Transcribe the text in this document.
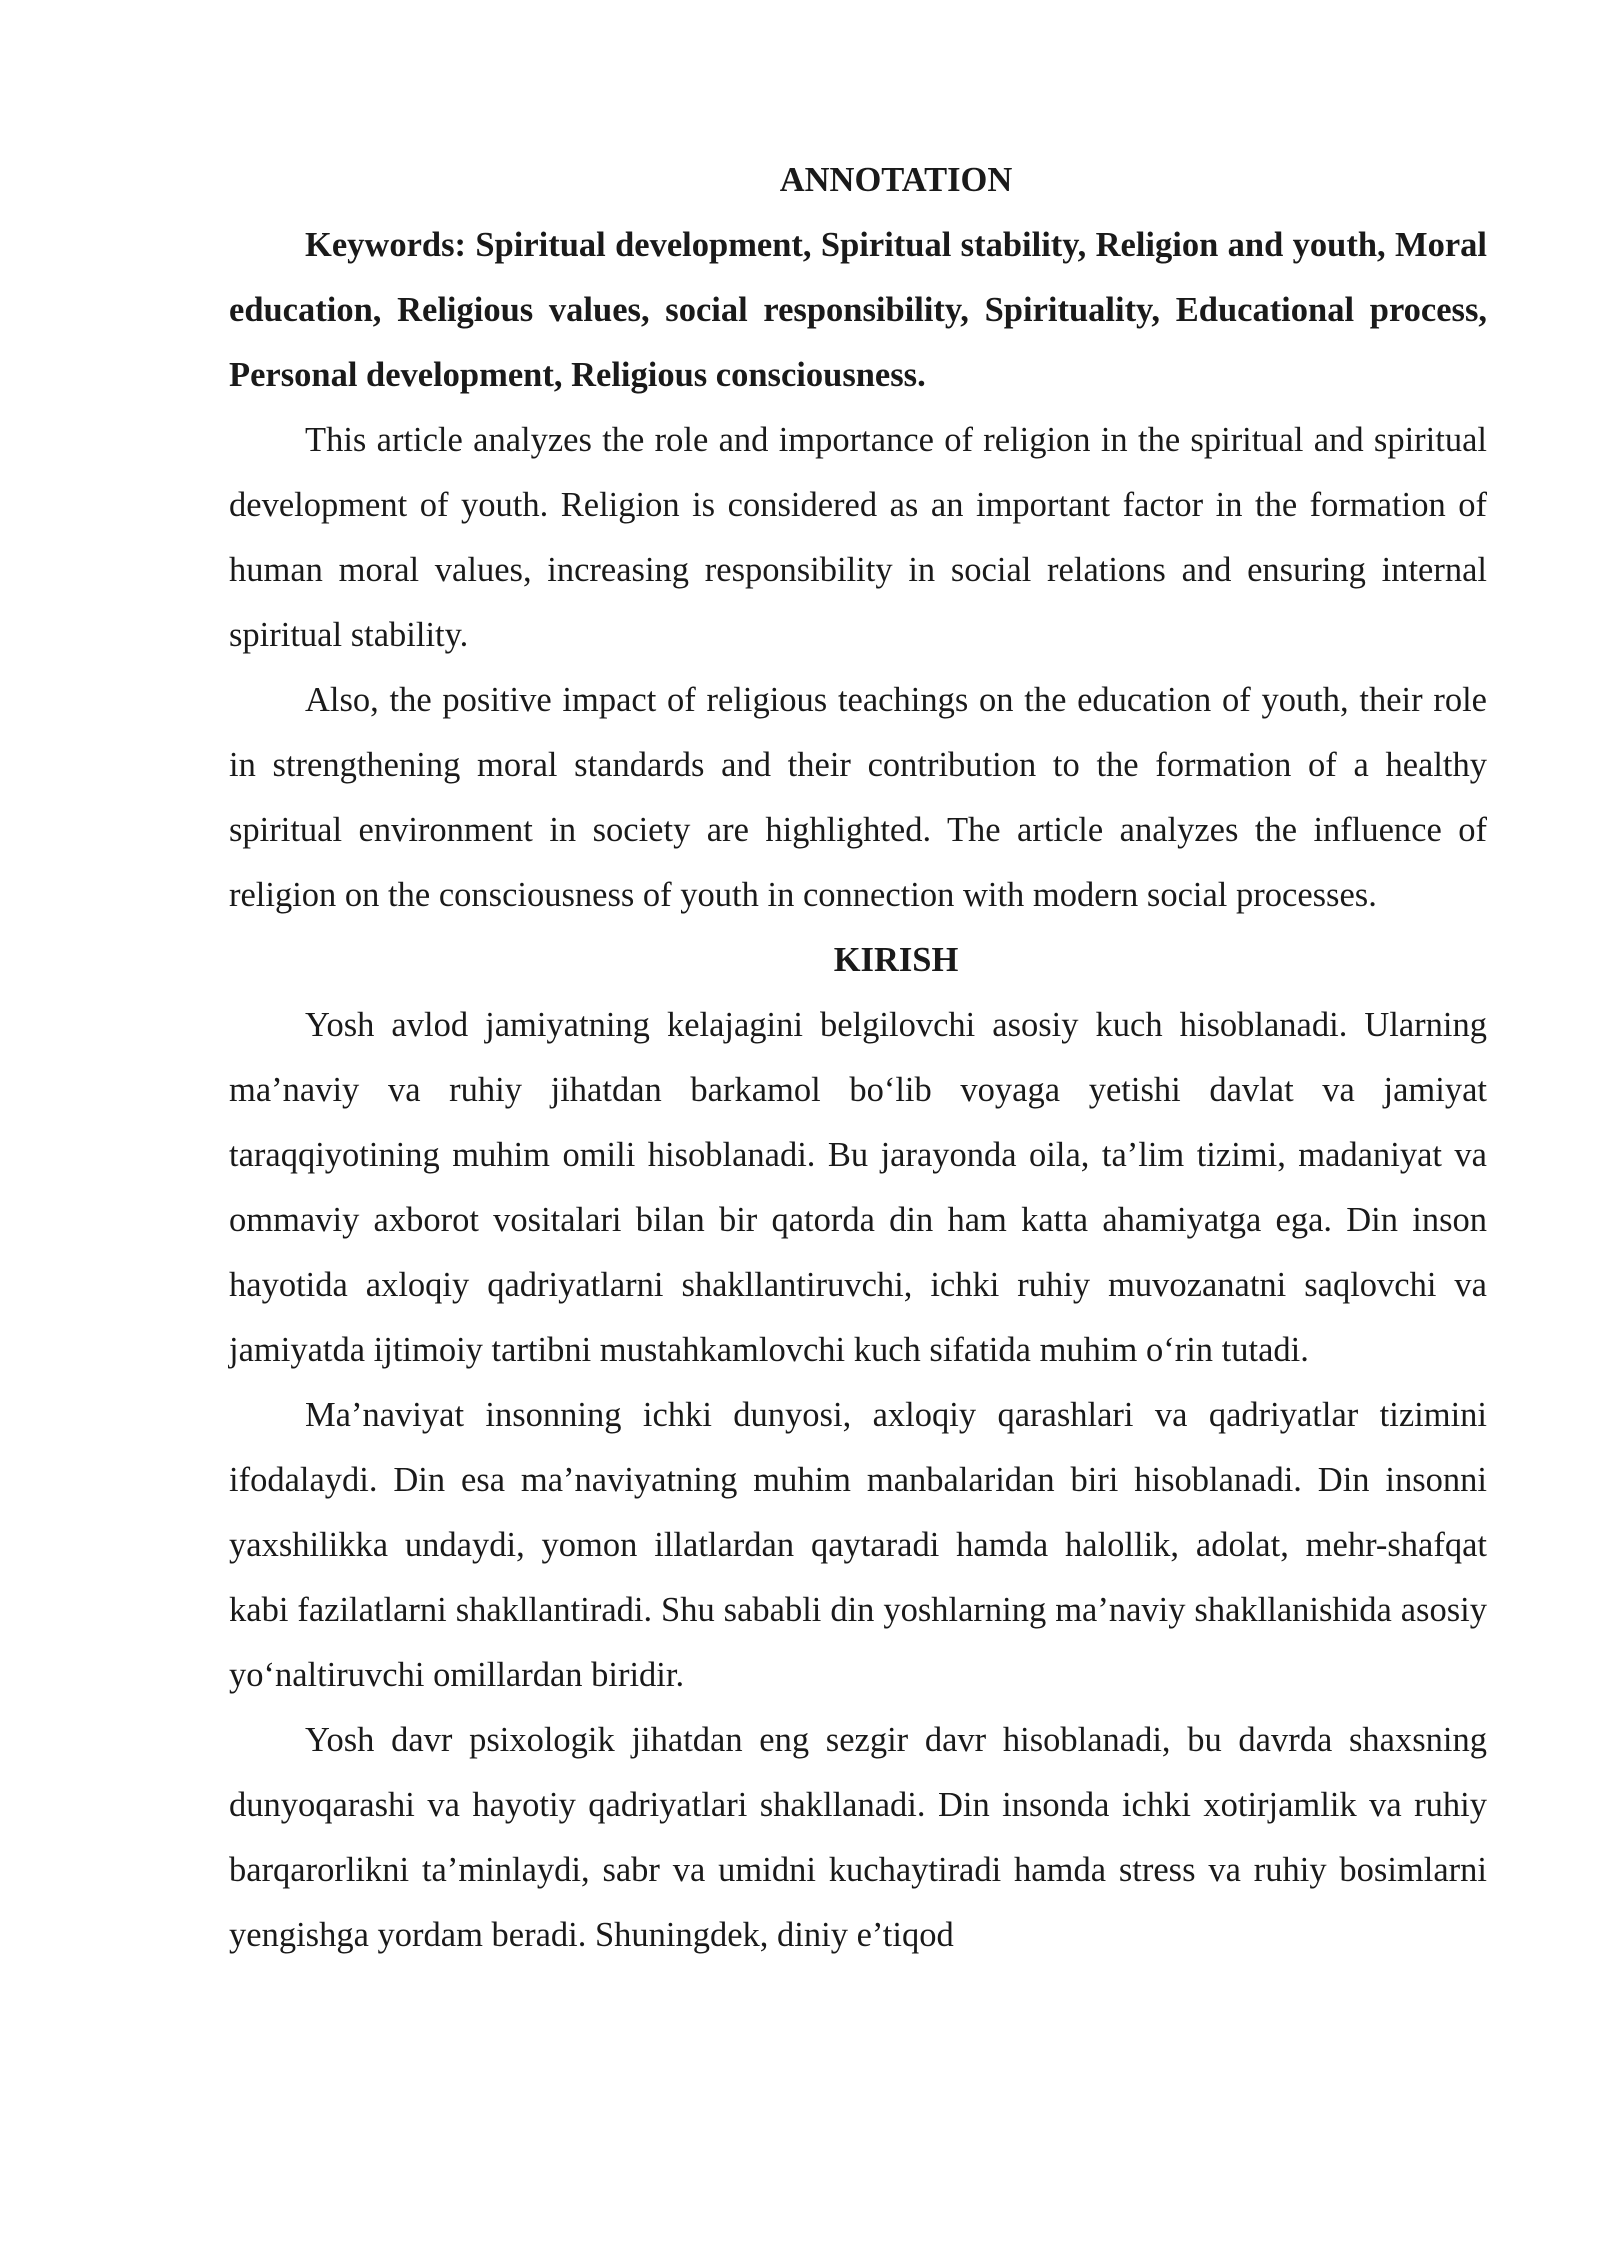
ANNOTATION

Keywords: Spiritual development, Spiritual stability, Religion and youth, Moral education, Religious values, social responsibility, Spirituality, Educational process, Personal development, Religious consciousness.

This article analyzes the role and importance of religion in the spiritual and spiritual development of youth. Religion is considered as an important factor in the formation of human moral values, increasing responsibility in social relations and ensuring internal spiritual stability.

Also, the positive impact of religious teachings on the education of youth, their role in strengthening moral standards and their contribution to the formation of a healthy spiritual environment in society are highlighted. The article analyzes the influence of religion on the consciousness of youth in connection with modern social processes.

KIRISH

Yosh avlod jamiyatning kelajagini belgilovchi asosiy kuch hisoblanadi. Ularning ma’naviy va ruhiy jihatdan barkamol bo‘lib voyaga yetishi davlat va jamiyat taraqqiyotining muhim omili hisoblanadi. Bu jarayonda oila, ta’lim tizimi, madaniyat va ommaviy axborot vositalari bilan bir qatorda din ham katta ahamiyatga ega. Din inson hayotida axloqiy qadriyatlarni shakllantiruvchi, ichki ruhiy muvozanatni saqlovchi va jamiyatda ijtimoiy tartibni mustahkamlovchi kuch sifatida muhim o‘rin tutadi.

Ma’naviyat insonning ichki dunyosi, axloqiy qarashlari va qadriyatlar tizimini ifodalaydi. Din esa ma’naviyatning muhim manbalaridan biri hisoblanadi. Din insonni yaxshilikka undaydi, yomon illatlardan qaytaradi hamda halollik, adolat, mehr-shafqat kabi fazilatlarni shakllantiradi. Shu sababli din yoshlarning ma’naviy shakllanishida asosiy yo‘naltiruvchi omillardan biridir.

Yosh davr psixologik jihatdan eng sezgir davr hisoblanadi, bu davrda shaxsning dunyoqarashi va hayotiy qadriyatlari shakllanadi. Din insonda ichki xotirjamlik va ruhiy barqarorlikni ta’minlaydi, sabr va umidni kuchaytiradi hamda stress va ruhiy bosimlarni yengishga yordam beradi. Shuningdek, diniy e’tiqod
